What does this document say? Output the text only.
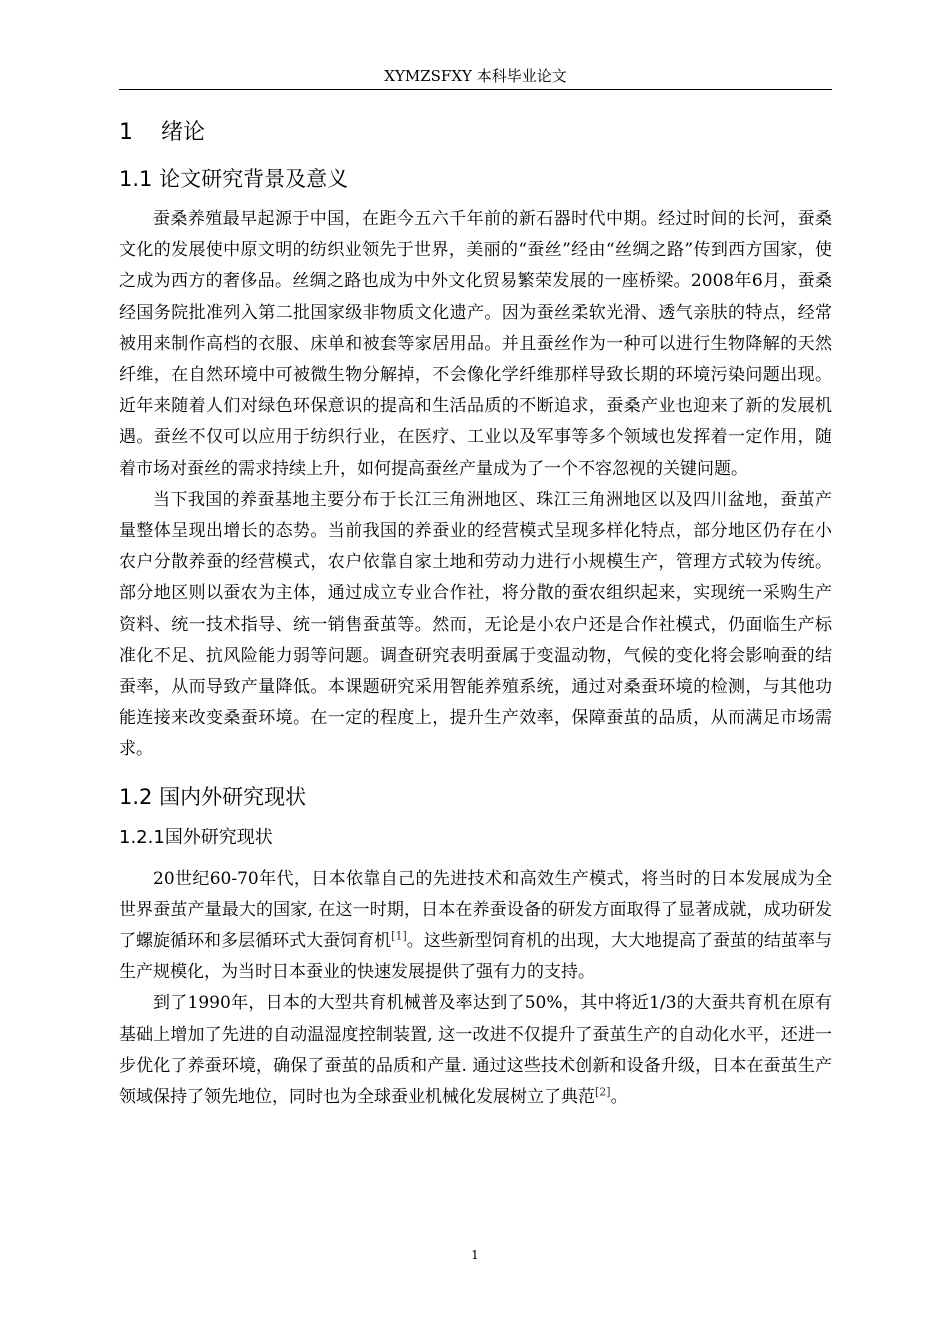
XYMZSFXY 本科毕业论文
1 绪论
1.1 论文研究背景及意义

蚕桑养殖最早起源于中国，在距今五六千年前的新石器时代中期。经过时间的长河，蚕桑文化的发展使中原文明的纺织业领先于世界，美丽的“蚕丝”经由“丝绸之路”传到西方国家，使之成为西方的奢侈品。丝绸之路也成为中外文化贸易繁荣发展的一座桥梁。2008年6月，蚕桑经国务院批准列入第二批国家级非物质文化遗产。因为蚕丝柔软光滑、透气亲肤的特点，经常被用来制作高档的衣服、床单和被套等家居用品。并且蚕丝作为一种可以进行生物降解的天然纤维，在自然环境中可被微生物分解掉，不会像化学纤维那样导致长期的环境污染问题出现。近年来随着人们对绿色环保意识的提高和生活品质的不断追求，蚕桑产业也迎来了新的发展机遇。蚕丝不仅可以应用于纺织行业，在医疗、工业以及军事等多个领域也发挥着一定作用，随着市场对蚕丝的需求持续上升，如何提高蚕丝产量成为了一个不容忽视的关键问题。

当下我国的养蚕基地主要分布于长江三角洲地区、珠江三角洲地区以及四川盆地，蚕茧产量整体呈现出增长的态势。当前我国的养蚕业的经营模式呈现多样化特点，部分地区仍存在小农户分散养蚕的经营模式，农户依靠自家土地和劳动力进行小规模生产，管理方式较为传统。部分地区则以蚕农为主体，通过成立专业合作社，将分散的蚕农组织起来，实现统一采购生产资料、统一技术指导、统一销售蚕茧等。然而，无论是小农户还是合作社模式，仍面临生产标准化不足、抗风险能力弱等问题。调查研究表明蚕属于变温动物，气候的变化将会影响蚕的结蚕率，从而导致产量降低。本课题研究采用智能养殖系统，通过对桑蚕环境的检测，与其他功能连接来改变桑蚕环境。在一定的程度上，提升生产效率，保障蚕茧的品质，从而满足市场需求。

1.2 国内外研究现状
1.2.1国外研究现状

20世纪60-70年代，日本依靠自己的先进技术和高效生产模式，将当时的日本发展成为全世界蚕茧产量最大的国家, 在这一时期，日本在养蚕设备的研发方面取得了显著成就，成功研发了螺旋循环和多层循环式大蚕饲育机[1]。这些新型饲育机的出现，大大地提高了蚕茧的结茧率与生产规模化，为当时日本蚕业的快速发展提供了强有力的支持。

到了1990年，日本的大型共育机械普及率达到了50%，其中将近1/3的大蚕共育机在原有基础上增加了先进的自动温湿度控制装置, 这一改进不仅提升了蚕茧生产的自动化水平，还进一步优化了养蚕环境，确保了蚕茧的品质和产量. 通过这些技术创新和设备升级，日本在蚕茧生产领域保持了领先地位，同时也为全球蚕业机械化发展树立了典范[2]。

1
